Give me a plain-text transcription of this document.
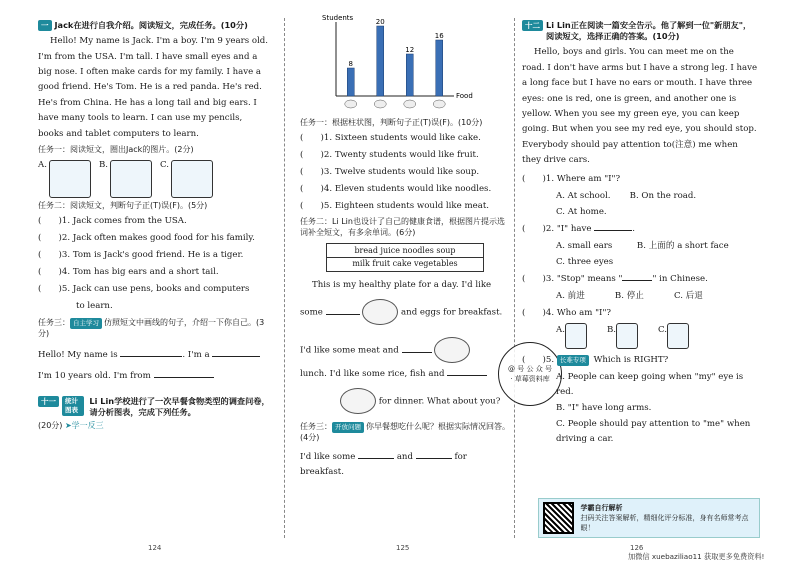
一 Jack在进行自我介绍。阅读短文，完成任务。(10分)
Hello! My name is Jack. I'm a boy. I'm 9 years old. I'm from the USA. I'm tall. I have small eyes and a big nose. I often make cards for my family. I have a good friend. He's Tom. He is a red panda. He's red. He's from China. He has a long tail and big ears. I have many tools to learn. I can use my pencils, books and tablet computers to learn.
任务一：阅读短文，圈出Jack的图片。(2分)
A.	B.	C.
任务二：阅读短文，判断句子正(T)误(F)。(5分)
(　　)1. Jack comes from the USA.
(　　)2. Jack often makes good food for his family.
(　　)3. Tom is Jack's good friend. He is a tiger.
(　　)4. Tom has big ears and a short tail.
(　　)5. Jack can use pens, books and computers
to learn.
任务三： 自主学习 仿照短文中画线的句子，介绍一下你自己。(3分)
Hello! My name is	. I'm a
I'm 10 years old. I'm from
十一	统计图表
Li Lin学校进行了一次早餐食物类型的调查问卷，请分析图表，完成下列任务。
(20分) ➤学一反三
124
Students
Food
8
20
12
16
任务一：根据柱状图，判断句子正(T)误(F)。(10分)
(　　)1. Sixteen students would like cake.
(　　)2. Twenty students would like fruit.
(　　)3. Twelve students would like soup.
(　　)4. Eleven students would like noodles.
(　　)5. Eighteen students would like meat.
任务二：Li Lin也设计了自己的健康食谱，根据图片提示选词补全短文，有多余单词。(6分)
bread juice noodles soup
milk fruit cake vegetables
This is my healthy plate for a day. I'd like
some	and eggs for breakfast.
I'd like some meat and
lunch. I'd like some rice, fish and
for dinner. What about you?
任务三： 开放问题 你早餐想吃什么呢？根据实际情况回答。(4分)
I'd like some	and	for breakfast.
125
@ 号 公 众 号 · 草莓资料库
十二 Li Lin正在阅读一篇安全告示。他了解到一位"新朋友"，阅读短文，选择正确的答案。(10分)
Hello, boys and girls. You can meet me on the road. I don't have arms but I have a strong leg. I have a long face but I have no ears or mouth. I have three eyes: one is red, one is green, and another one is yellow. When you see my green eye, you can keep going. But when you see my red eye, you should stop. Everybody should pay attention to(注意) me when they drive cars.
(　　)1. Where am "I"?
A. At school. B. On the road.
C. At home.
(　　)2. "I" have	.
A. small ears	B. 上面的 a short face
C. three eyes
(　　)3. "Stop" means "	" in Chinese.
A. 前进	B. 停止	C. 后退
(　　)4. Who am "I"?
A.	B.	C.
(　　)5. 长难专项 Which is RIGHT?
A. People can keep going when "my" eye is red.
B. "I" have long arms.
C. People should pay attention to "me" when driving a car.
学霸自行解析
扫码关注答案解析，精细化评分标准，身有名师常考点眼！
126
加微信 xuebaziliao11 获取更多免费资料!
